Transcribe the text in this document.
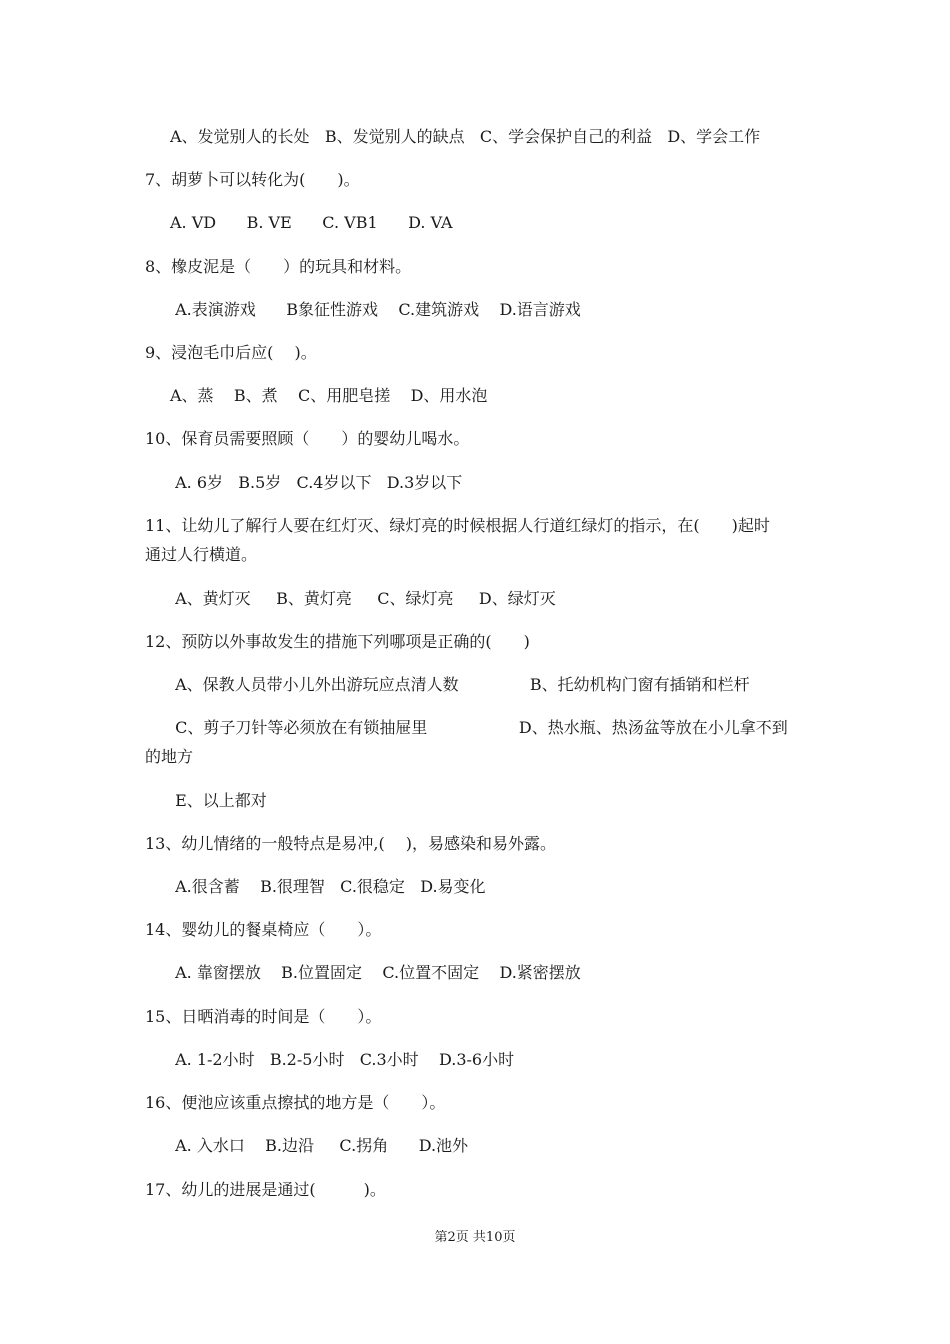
A、发觉别人的长处   B、发觉别人的缺点   C、学会保护自己的利益   D、学会工作
7、胡萝卜可以转化为(　　)。
A. VD      B. VE      C. VB1      D. VA
8、橡皮泥是（　　）的玩具和材料。
A.表演游戏      B象征性游戏    C.建筑游戏    D.语言游戏
9、浸泡毛巾后应(　 )。
A、蒸    B、煮    C、用肥皂搓    D、用水泡
10、保育员需要照顾（　　）的婴幼儿喝水。
A. 6岁   B.5岁   C.4岁以下   D.3岁以下
11、让幼儿了解行人要在红灯灭、绿灯亮的时候根据人行道红绿灯的指示，在(　　)起时
通过人行横道。
A、黄灯灭     B、黄灯亮     C、绿灯亮     D、绿灯灭
12、预防以外事故发生的措施下列哪项是正确的(　　)
A、保教人员带小儿外出游玩应点清人数              B、托幼机构门窗有插销和栏杆
C、剪子刀针等必须放在有锁抽屉里                  D、热水瓶、热汤盆等放在小儿拿不到
的地方
E、以上都对
13、幼儿情绪的一般特点是易冲,(　 )，易感染和易外露。
A.很含蓄    B.很理智   C.很稳定   D.易变化
14、婴幼儿的餐桌椅应（　　）。
A. 靠窗摆放    B.位置固定    C.位置不固定    D.紧密摆放
15、日晒消毒的时间是（　　）。
A. 1-2小时   B.2-5小时   C.3小时    D.3-6小时
16、便池应该重点擦拭的地方是（　　）。
A. 入水口    B.边沿     C.拐角      D.池外
17、幼儿的进展是通过(　　　)。
第2页 共10页
